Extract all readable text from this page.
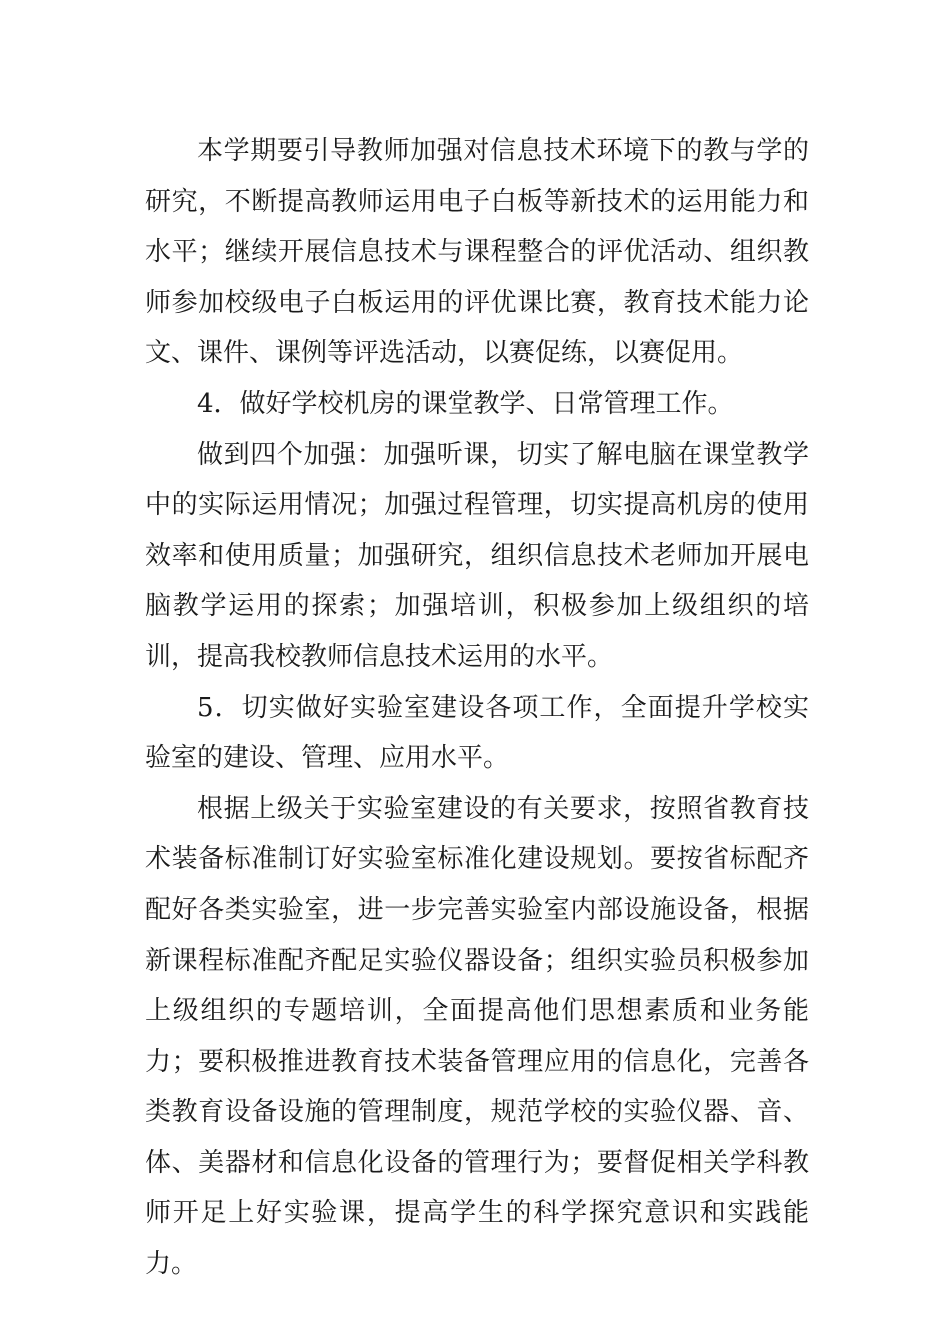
本学期要引导教师加强对信息技术环境下的教与学的研究，不断提高教师运用电子白板等新技术的运用能力和水平；继续开展信息技术与课程整合的评优活动、组织教师参加校级电子白板运用的评优课比赛，教育技术能力论文、课件、课例等评选活动，以赛促练，以赛促用。

4．做好学校机房的课堂教学、日常管理工作。

做到四个加强：加强听课，切实了解电脑在课堂教学中的实际运用情况；加强过程管理，切实提高机房的使用效率和使用质量；加强研究，组织信息技术老师加开展电脑教学运用的探索；加强培训，积极参加上级组织的培训，提高我校教师信息技术运用的水平。

5．切实做好实验室建设各项工作，全面提升学校实验室的建设、管理、应用水平。

根据上级关于实验室建设的有关要求，按照省教育技术装备标准制订好实验室标准化建设规划。要按省标配齐配好各类实验室，进一步完善实验室内部设施设备，根据新课程标准配齐配足实验仪器设备；组织实验员积极参加上级组织的专题培训，全面提高他们思想素质和业务能力；要积极推进教育技术装备管理应用的信息化，完善各类教育设备设施的管理制度，规范学校的实验仪器、音、体、美器材和信息化设备的管理行为；要督促相关学科教师开足上好实验课，提高学生的科学探究意识和实践能力。
